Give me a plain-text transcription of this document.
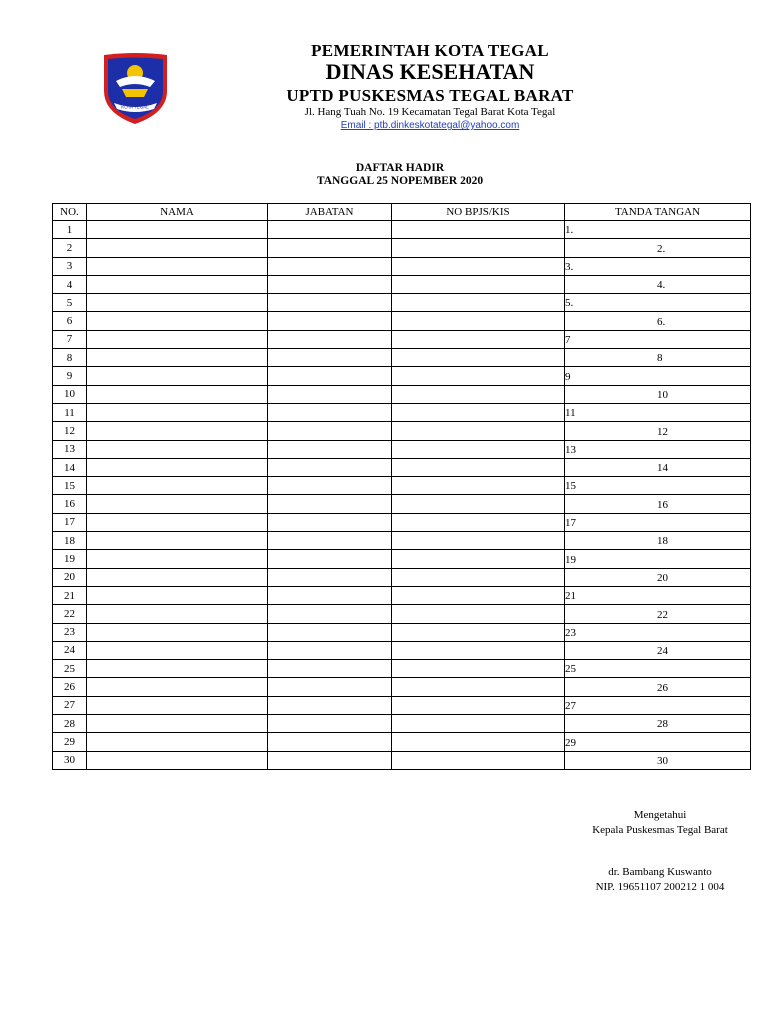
KOTA TEGAL
PEMERINTAH KOTA TEGAL
DINAS KESEHATAN
UPTD PUSKESMAS TEGAL BARAT
Jl. Hang Tuah No. 19 Kecamatan Tegal Barat Kota Tegal
Email : ptb.dinkeskotategal@yahoo.com
DAFTAR HADIR
TANGGAL 25 NOPEMBER 2020
NO.	NAMA	JABATAN	NO BPJS/KIS	TANDA TANGAN
1				1.

2				2.

3				3.

4				4.

5				5.

6				6.

7				7

8				8

9				9

10				10

11				11

12				12

13				13

14				14

15				15

16				16

17				17

18				18

19				19

20				20

21				21

22				22

23				23

24				24

25				25

26				26

27				27

28				28

29				29

30				30
Mengetahui
Kepala Puskesmas Tegal Barat
dr. Bambang Kuswanto
NIP. 19651107 200212 1 004
